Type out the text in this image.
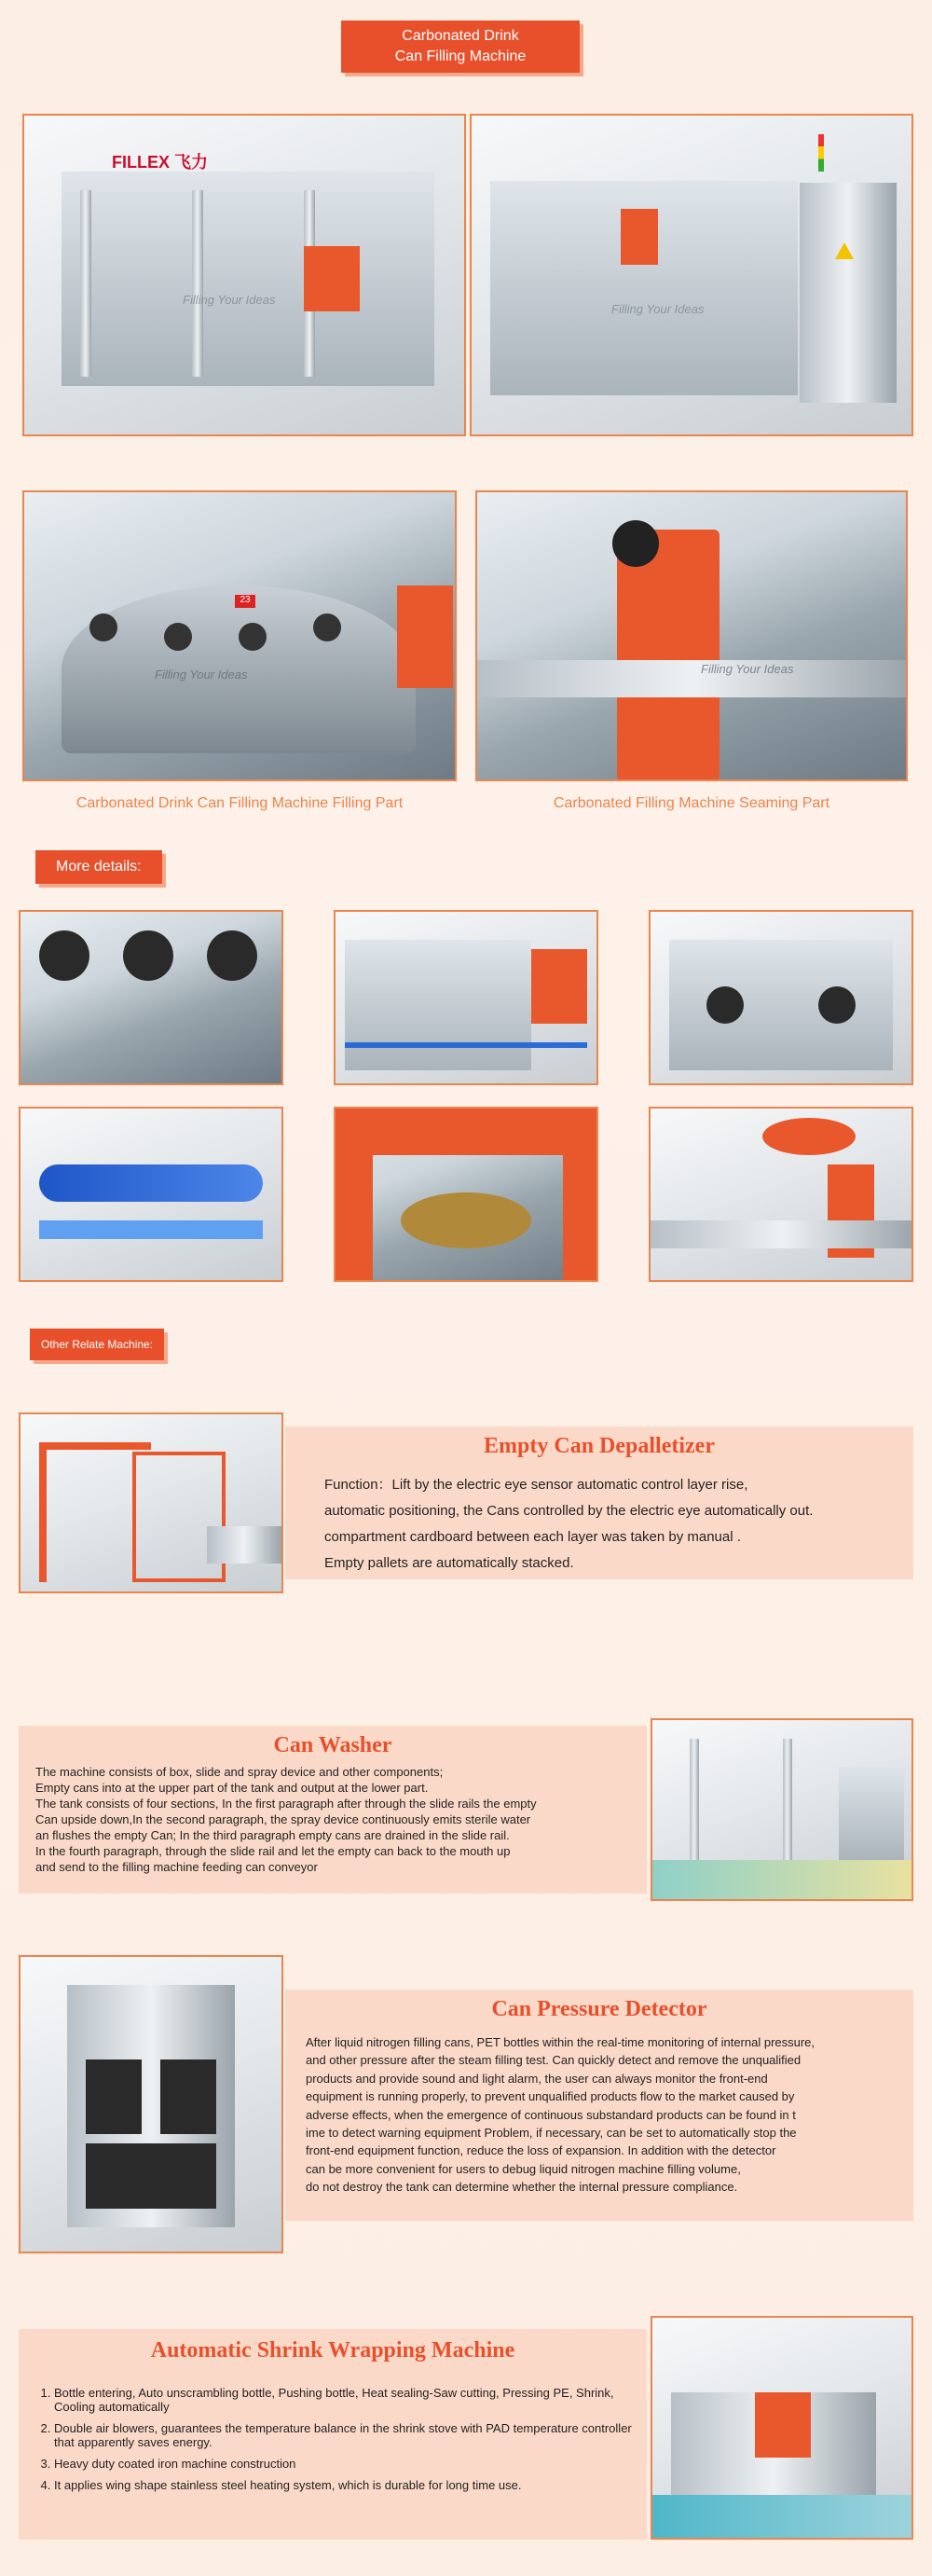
Carbonated Drink
Can Filling Machine
FILLEX 飞力
Filling Your Ideas
Filling Your Ideas
23
Filling Your Ideas	Filling Your Ideas
Carbonated Drink Can Filling Machine Filling Part	Carbonated Filling Machine Seaming Part
More details:
Other Relate Machine:
Empty Can Depalletizer

Function：Lift by the electric eye sensor automatic control layer rise,

automatic positioning, the Cans controlled by the electric eye automatically out.

compartment cardboard between each layer was taken by manual .

Empty pallets are automatically stacked.

Can Washer

The machine consists of box, slide and spray device and other components;

Empty cans into at the upper part of the tank and output at the lower part.

The tank consists of four sections, In the first paragraph after through the slide rails the empty

Can upside down,In the second paragraph, the spray device continuously emits sterile water

an flushes the empty Can; In the third paragraph empty cans are drained in the slide rail.

In the fourth paragraph, through the slide rail and let the empty can back to the mouth up

and send to the filling machine feeding can conveyor

Can Pressure Detector

After liquid nitrogen filling cans, PET bottles within the real-time monitoring of internal pressure,

and other pressure after the steam filling test. Can quickly detect and remove the unqualified

products and provide sound and light alarm, the user can always monitor the front-end

equipment is running properly, to prevent unqualified products flow to the market caused by

adverse effects, when the emergence of continuous substandard products can be found in t

ime to detect warning equipment Problem, if necessary, can be set to automatically stop the

front-end equipment function, reduce the loss of expansion. In addition with the detector

can be more convenient for users to debug liquid nitrogen machine filling volume,

do not destroy the tank can determine whether the internal pressure compliance.

Automatic Shrink Wrapping Machine
1. Bottle entering, Auto unscrambling bottle, Pushing bottle, Heat sealing-Saw cutting, Pressing PE, Shrink, Cooling automatically
2. Double air blowers, guarantees the temperature balance in the shrink stove with PAD temperature controller that apparently saves energy.
3. Heavy duty coated iron machine construction
4. It applies wing shape stainless steel heating system, which is durable for long time use.
